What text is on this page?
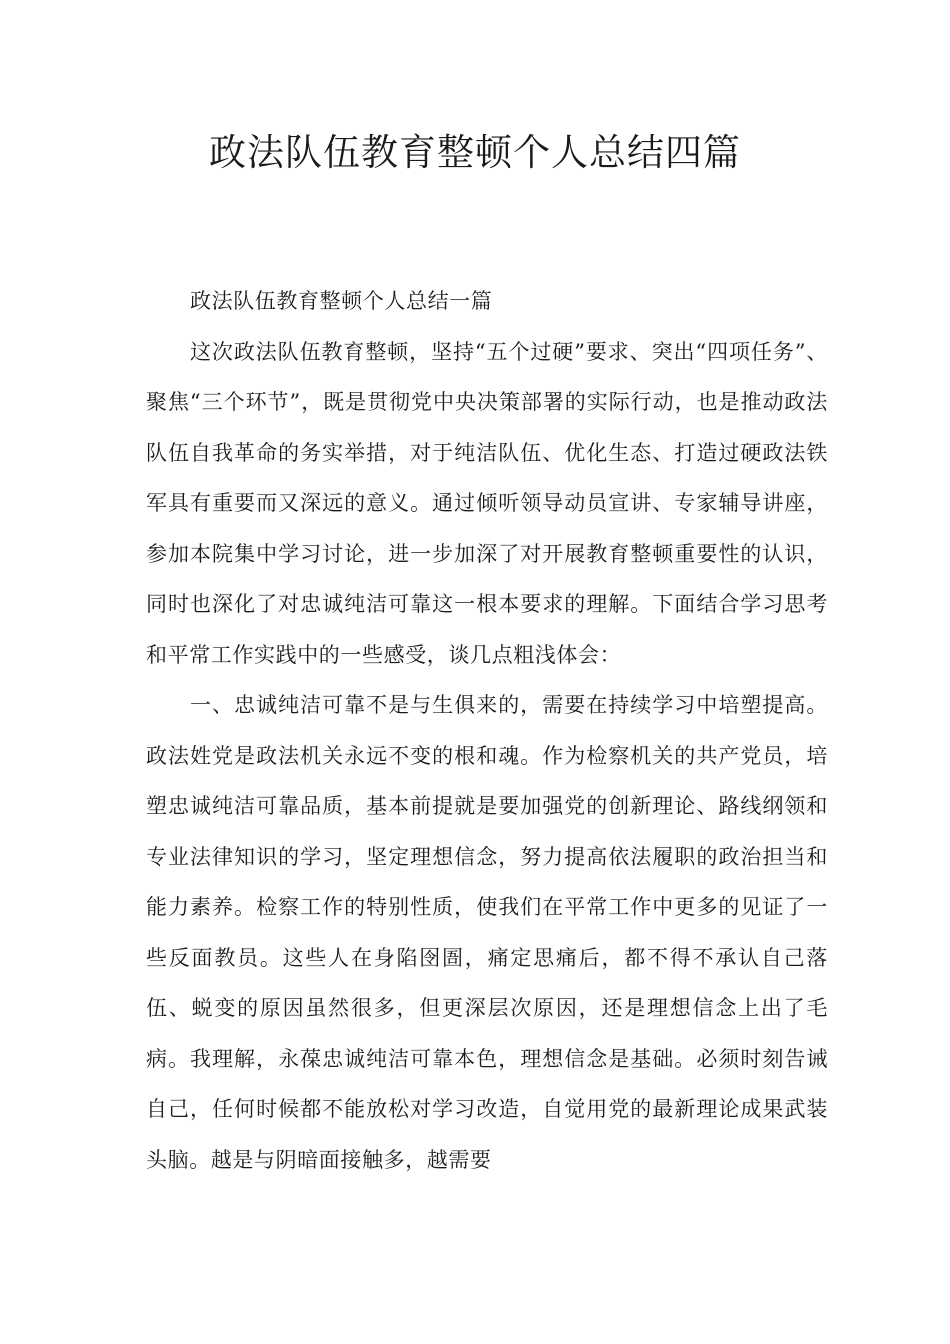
政法队伍教育整顿个人总结四篇

政法队伍教育整顿个人总结一篇

这次政法队伍教育整顿，坚持“五个过硬”要求、突出“四项任务”、聚焦“三个环节”，既是贯彻党中央决策部署的实际行动，也是推动政法队伍自我革命的务实举措，对于纯洁队伍、优化生态、打造过硬政法铁军具有重要而又深远的意义。通过倾听领导动员宣讲、专家辅导讲座，参加本院集中学习讨论，进一步加深了对开展教育整顿重要性的认识，同时也深化了对忠诚纯洁可靠这一根本要求的理解。下面结合学习思考和平常工作实践中的一些感受，谈几点粗浅体会：

一、忠诚纯洁可靠不是与生俱来的，需要在持续学习中培塑提高。政法姓党是政法机关永远不变的根和魂。作为检察机关的共产党员，培塑忠诚纯洁可靠品质，基本前提就是要加强党的创新理论、路线纲领和专业法律知识的学习，坚定理想信念，努力提高依法履职的政治担当和能力素养。检察工作的特别性质，使我们在平常工作中更多的见证了一些反面教员。这些人在身陷囹圄，痛定思痛后，都不得不承认自己落伍、蜕变的原因虽然很多，但更深层次原因，还是理想信念上出了毛病。我理解，永葆忠诚纯洁可靠本色，理想信念是基础。必须时刻告诫自己，任何时候都不能放松对学习改造，自觉用党的最新理论成果武装头脑。越是与阴暗面接触多，越需要
